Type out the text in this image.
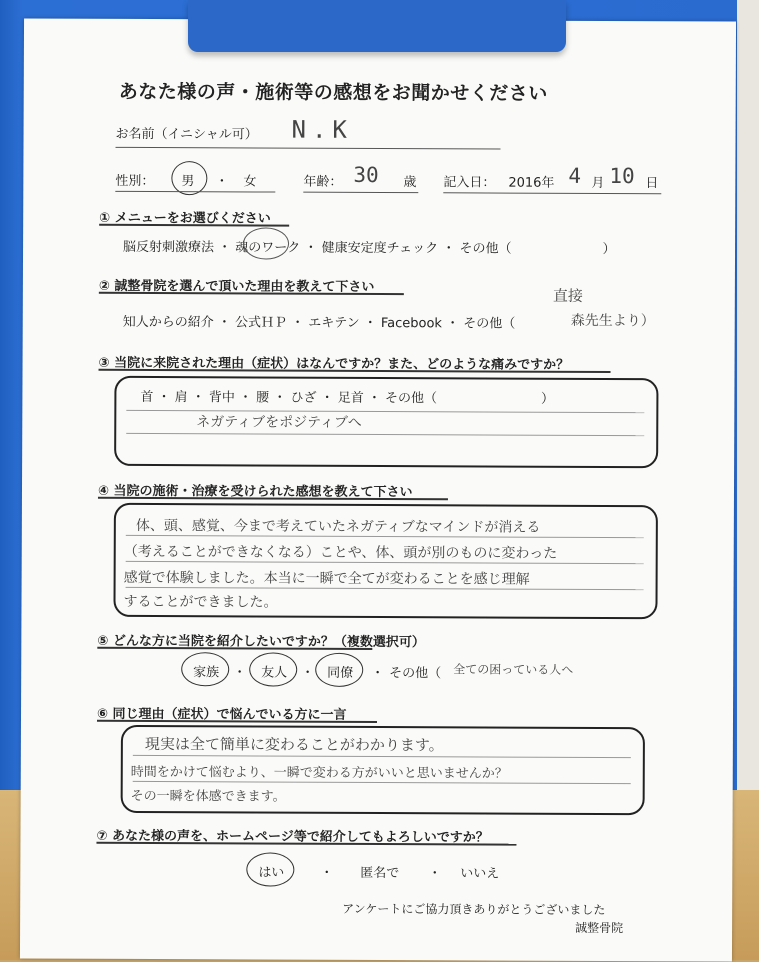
あなた様の声・施術等の感想をお聞かせください
お名前（イニシャル可） N.K
性別： 男 ・ 女	年齢： 30 歳 記入日： 2016年 4 月 10 日
① メニューをお選びください
脳反射刺激療法 ・ 魂のワーク ・ 健康安定度チェック ・ その他（　　　　　　　）
② 誠整骨院を選んで頂いた理由を教えて下さい	直接
知人からの紹介 ・ 公式ＨＰ ・ エキテン ・ Facebook ・ その他（	森先生より）
③ 当院に来院された理由（症状）はなんですか？また、どのような痛みですか？
首 ・ 肩 ・ 背中 ・ 腰 ・ ひざ ・ 足首 ・ その他（　　　　　　　　）
ネガティブをポジティブへ
④ 当院の施術・治療を受けられた感想を教えて下さい
体、頭、感覚、今まで考えていたネガティブなマインドが消える
（考えることができなくなる）ことや、体、頭が別のものに変わった
感覚で体験しました。本当に一瞬で全てが変わることを感じ理解
することができました。
⑤ どんな方に当院を紹介したいですか？（複数選択可）
家族 ・ 友人 ・ 同僚 ・ その他（ 全ての困っている人へ
⑥ 同じ理由（症状）で悩んでいる方に一言
現実は全て簡単に変わることがわかります。
時間をかけて悩むより、一瞬で変わる方がいいと思いませんか？
その一瞬を体感できます。
⑦ あなた様の声を、ホームページ等で紹介してもよろしいですか？
はい	・ 匿名で ・ いいえ
アンケートにご協力頂きありがとうございました
誠整骨院
